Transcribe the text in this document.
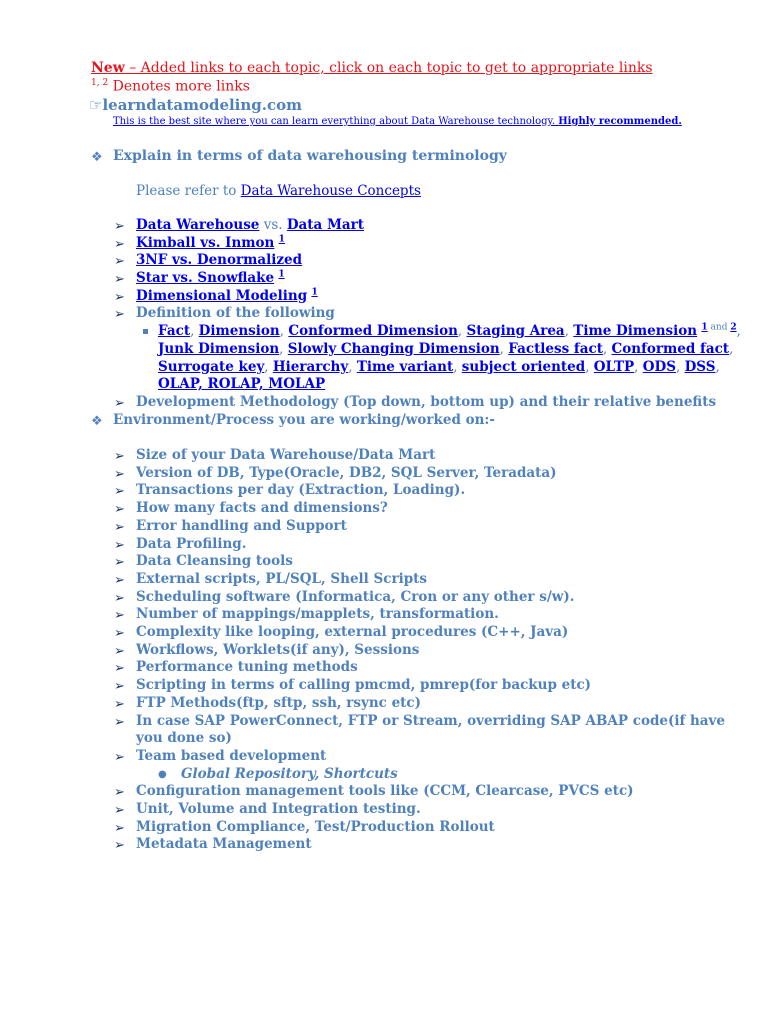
New – Added links to each topic, click on each topic to get to appropriate links
$^{1, 2}$ Denotes more links
☞learndatamodeling.com
This is the best site where you can learn everything about Data Warehouse technology. Highly recommended.
❖ Explain in terms of data warehousing terminology
Please refer to Data Warehouse Concepts
➢ Data Warehouse vs. Data Mart
➢ Kimball vs. Inmon $^1$
➢ 3NF vs. Denormalized
➢ Star vs. Snowflake $^1$
➢ Dimensional Modeling $^1$
➢ Definition of the following
Fact, Dimension, Conformed Dimension, Staging Area, Time Dimension $^1$ $^{and}$ $^2$,
Junk Dimension, Slowly Changing Dimension, Factless fact, Conformed fact,
Surrogate key, Hierarchy, Time variant, subject oriented, OLTP, ODS, DSS,
OLAP, ROLAP, MOLAP
➢ Development Methodology (Top down, bottom up) and their relative benefits
❖ Environment/Process you are working/worked on:-
➢ Size of your Data Warehouse/Data Mart
➢ Version of DB, Type(Oracle, DB2, SQL Server, Teradata)
➢ Transactions per day (Extraction, Loading).
➢ How many facts and dimensions?
➢ Error handling and Support
➢ Data Profiling.
➢ Data Cleansing tools
➢ External scripts, PL/SQL, Shell Scripts
➢ Scheduling software (Informatica, Cron or any other s/w).
➢ Number of mappings/mapplets, transformation.
➢ Complexity like looping, external procedures (C++, Java)
➢ Workflows, Worklets(if any), Sessions
➢ Performance tuning methods
➢ Scripting in terms of calling pmcmd, pmrep(for backup etc)
➢ FTP Methods(ftp, sftp, ssh, rsync etc)
➢ In case SAP PowerConnect, FTP or Stream, overriding SAP ABAP code(if have
you done so)
➢ Team based development
● Global Repository, Shortcuts
➢ Configuration management tools like (CCM, Clearcase, PVCS etc)
➢ Unit, Volume and Integration testing.
➢ Migration Compliance, Test/Production Rollout
➢ Metadata Management
